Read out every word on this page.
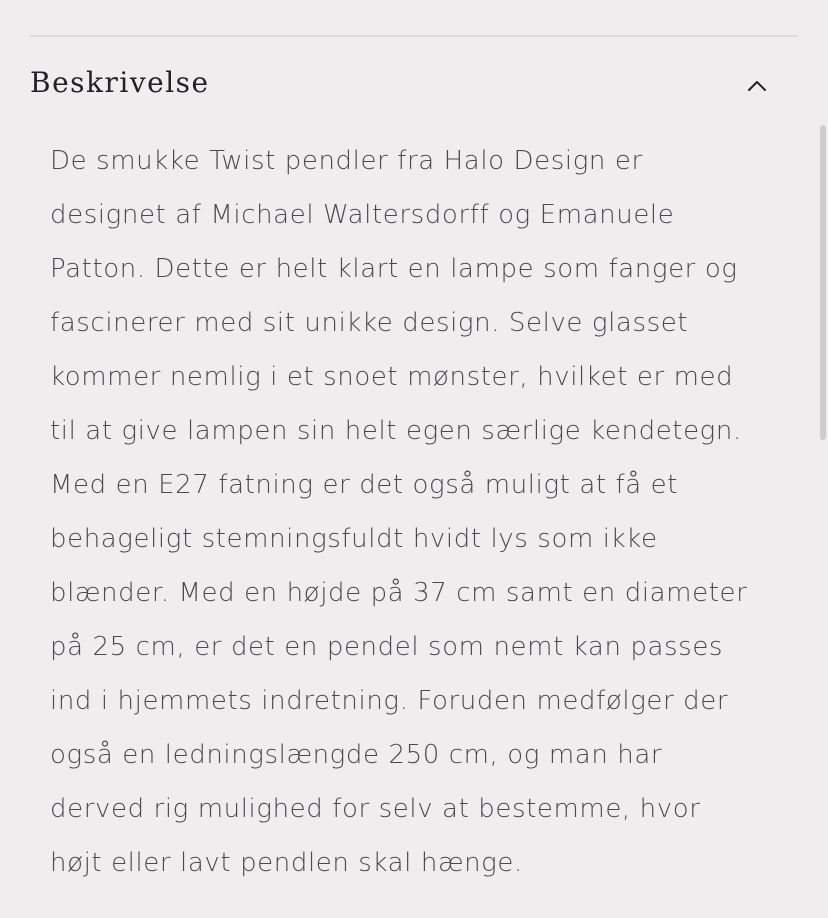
Beskrivelse
De smukke Twist pendler fra Halo Design er
designet af Michael Waltersdorff og Emanuele
Patton. Dette er helt klart en lampe som fanger og
fascinerer med sit unikke design. Selve glasset
kommer nemlig i et snoet mønster, hvilket er med
til at give lampen sin helt egen særlige kendetegn.
Med en E27 fatning er det også muligt at få et
behageligt stemningsfuldt hvidt lys som ikke
blænder. Med en højde på 37 cm samt en diameter
på 25 cm, er det en pendel som nemt kan passes
ind i hjemmets indretning. Foruden medfølger der
også en ledningslængde 250 cm, og man har
derved rig mulighed for selv at bestemme, hvor
højt eller lavt pendlen skal hænge.
